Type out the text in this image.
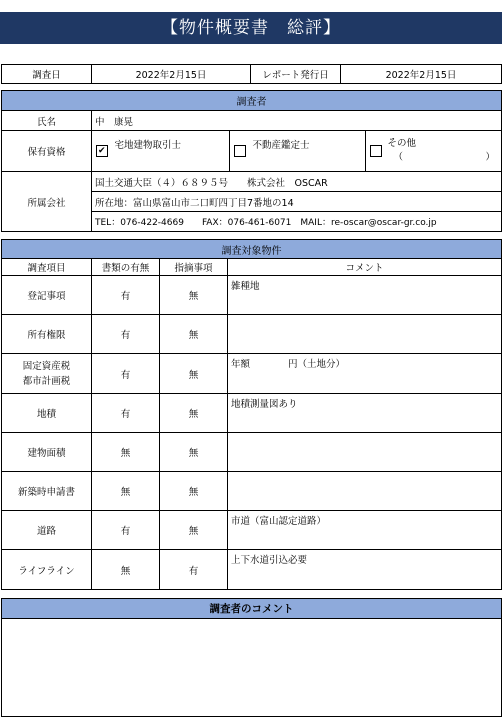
【物件概要書　総評】
調査日	2022年2月15日	レポート発行日	2022年2月15日
調査者						
氏名	中　康晃					
保有資格	✔	宅地建物取引士		不動産鑑定士		その他
（ ）

所属会社	国土交通大臣（４）６８９５号　　株式会社　OSCAR					
	所在地：富山県富山市二口町四丁目7番地の14					
	TEL：076-422-4669　　FAX：076-461-6071　MAIL：re-oscar@oscar-gr.co.jp					
調査対象物件			
調査項目	書類の有無	指摘事項	コメント
登記事項	有	無	雑種地
所有権限	有	無	

固定資産税
都市計画税	有	無	年額　　　　円（土地分）
地積	有	無	地積測量図あり
建物面積	無	無	
新築時申請書	無	無	
道路	有	無	市道（富山認定道路）
ライフライン	無	有	上下水道引込必要
調査者のコメント
